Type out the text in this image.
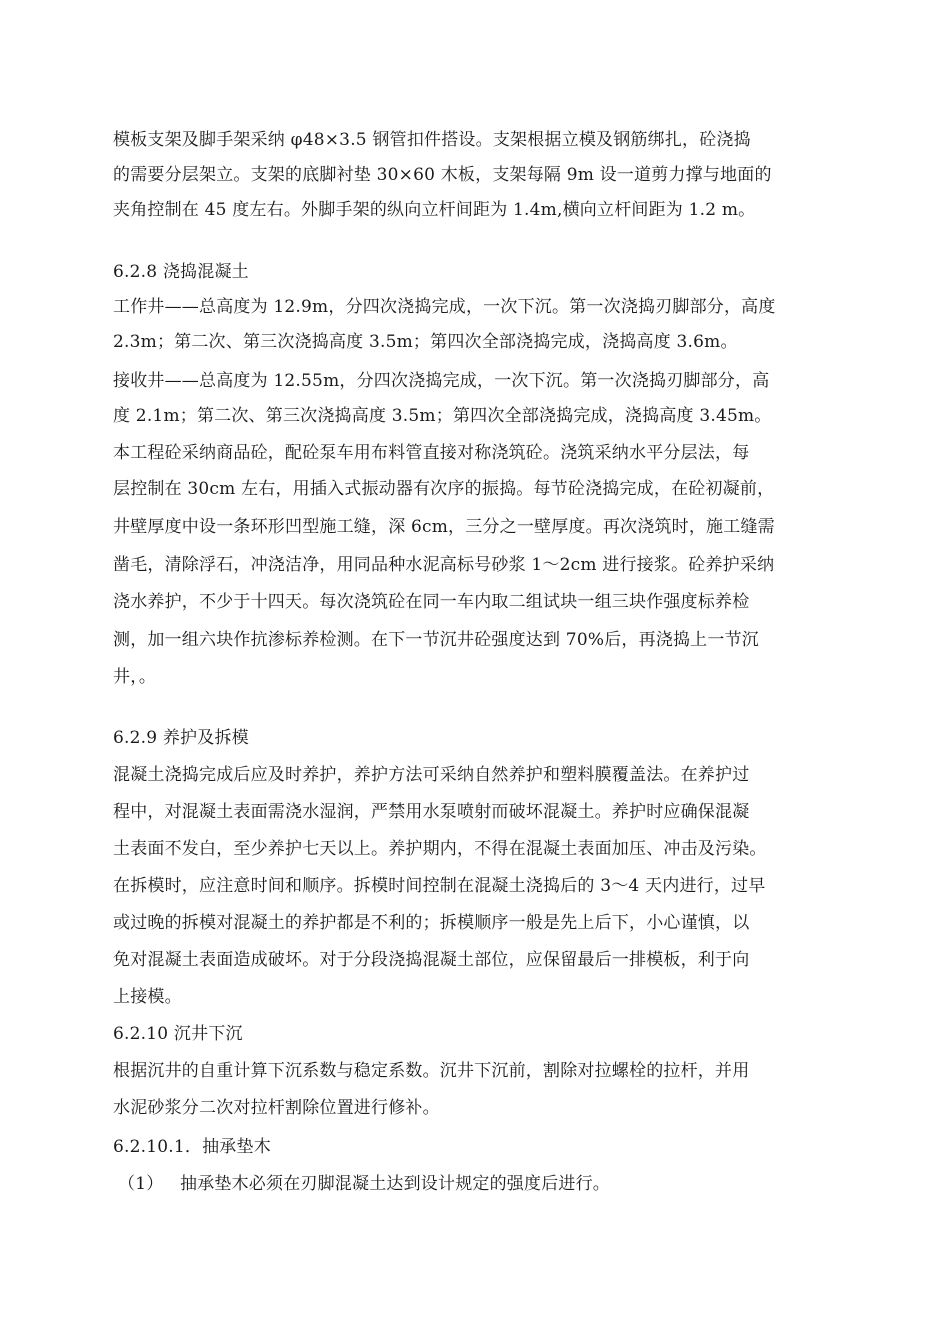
模板支架及脚手架采纳 φ48×3.5 钢管扣件搭设。支架根据立模及钢筋绑扎，砼浇捣
的需要分层架立。支架的底脚衬垫 30×60 木板，支架每隔 9m 设一道剪力撑与地面的
夹角控制在 45 度左右。外脚手架的纵向立杆间距为 1.4m,横向立杆间距为 1.2 m。
6.2.8 浇捣混凝土
工作井——总高度为 12.9m，分四次浇捣完成，一次下沉。第一次浇捣刃脚部分，高度
2.3m；第二次、第三次浇捣高度 3.5m；第四次全部浇捣完成，浇捣高度 3.6m。
接收井——总高度为 12.55m，分四次浇捣完成，一次下沉。第一次浇捣刃脚部分，高
度 2.1m；第二次、第三次浇捣高度 3.5m；第四次全部浇捣完成，浇捣高度 3.45m。
本工程砼采纳商品砼，配砼泵车用布料管直接对称浇筑砼。浇筑采纳水平分层法，每
层控制在 30cm 左右，用插入式振动器有次序的振捣。每节砼浇捣完成，在砼初凝前，
井壁厚度中设一条环形凹型施工缝，深 6cm，三分之一壁厚度。再次浇筑时，施工缝需
凿毛，清除浮石，冲浇洁净，用同品种水泥高标号砂浆 1～2cm 进行接浆。砼养护采纳
浇水养护，不少于十四天。每次浇筑砼在同一车内取二组试块一组三块作强度标养检
测，加一组六块作抗渗标养检测。在下一节沉井砼强度达到 70%后，再浇捣上一节沉
井，。
6.2.9 养护及拆模
混凝土浇捣完成后应及时养护，养护方法可采纳自然养护和塑料膜覆盖法。在养护过
程中，对混凝土表面需浇水湿润，严禁用水泵喷射而破坏混凝土。养护时应确保混凝
土表面不发白，至少养护七天以上。养护期内，不得在混凝土表面加压、冲击及污染。
在拆模时，应注意时间和顺序。拆模时间控制在混凝土浇捣后的 3～4 天内进行，过早
或过晚的拆模对混凝土的养护都是不利的；拆模顺序一般是先上后下，小心谨慎，以
免对混凝土表面造成破坏。对于分段浇捣混凝土部位，应保留最后一排模板，利于向
上接模。
6.2.10 沉井下沉
根据沉井的自重计算下沉系数与稳定系数。沉井下沉前，割除对拉螺栓的拉杆，并用
水泥砂浆分二次对拉杆割除位置进行修补。
6.2.10.1．抽承垫木
（1） 抽承垫木必须在刃脚混凝土达到设计规定的强度后进行。
